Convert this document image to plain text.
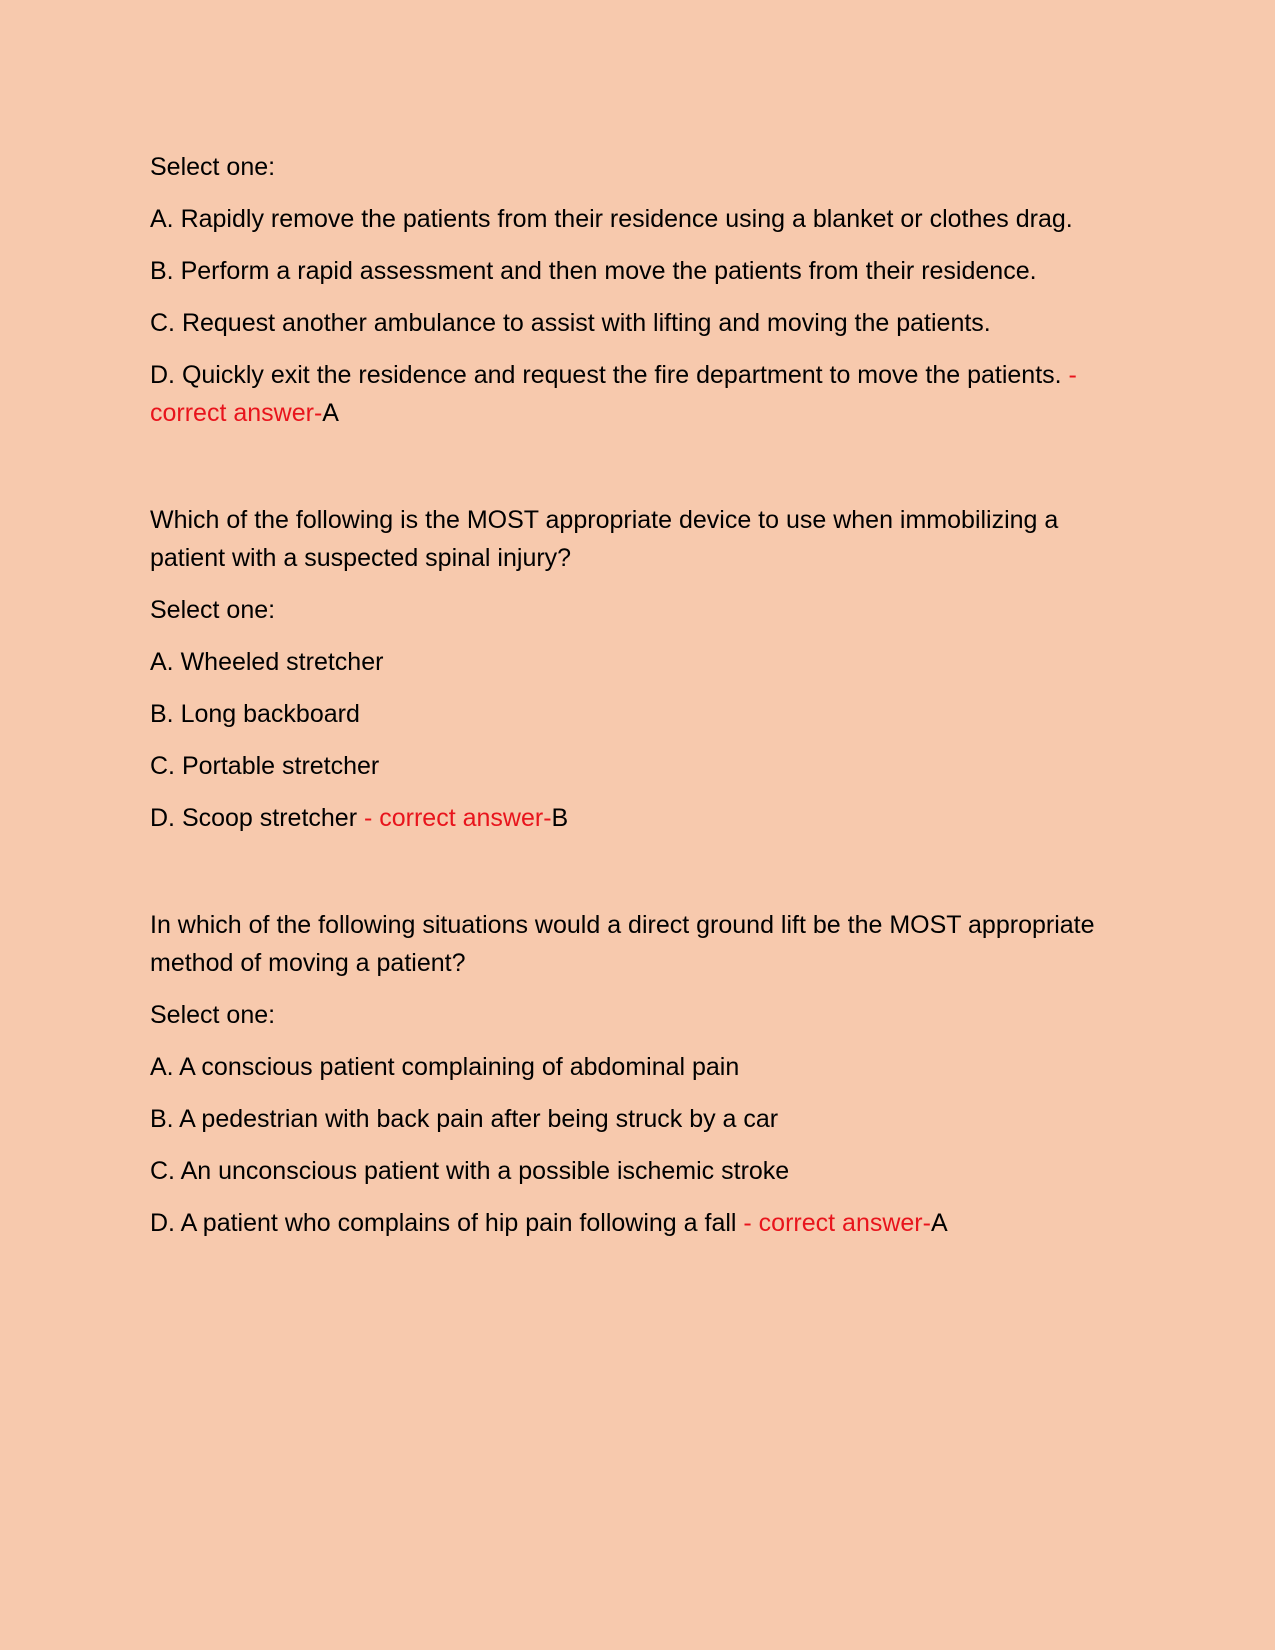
Select one:
A. Rapidly remove the patients from their residence using a blanket or clothes drag.
B. Perform a rapid assessment and then move the patients from their residence.
C. Request another ambulance to assist with lifting and moving the patients.
D. Quickly exit the residence and request the fire department to move the patients. - correct answer-A
Which of the following is the MOST appropriate device to use when immobilizing a patient with a suspected spinal injury?
Select one:
A. Wheeled stretcher
B. Long backboard
C. Portable stretcher
D. Scoop stretcher - correct answer-B
In which of the following situations would a direct ground lift be the MOST appropriate method of moving a patient?
Select one:
A. A conscious patient complaining of abdominal pain
B. A pedestrian with back pain after being struck by a car
C. An unconscious patient with a possible ischemic stroke
D. A patient who complains of hip pain following a fall - correct answer-A
